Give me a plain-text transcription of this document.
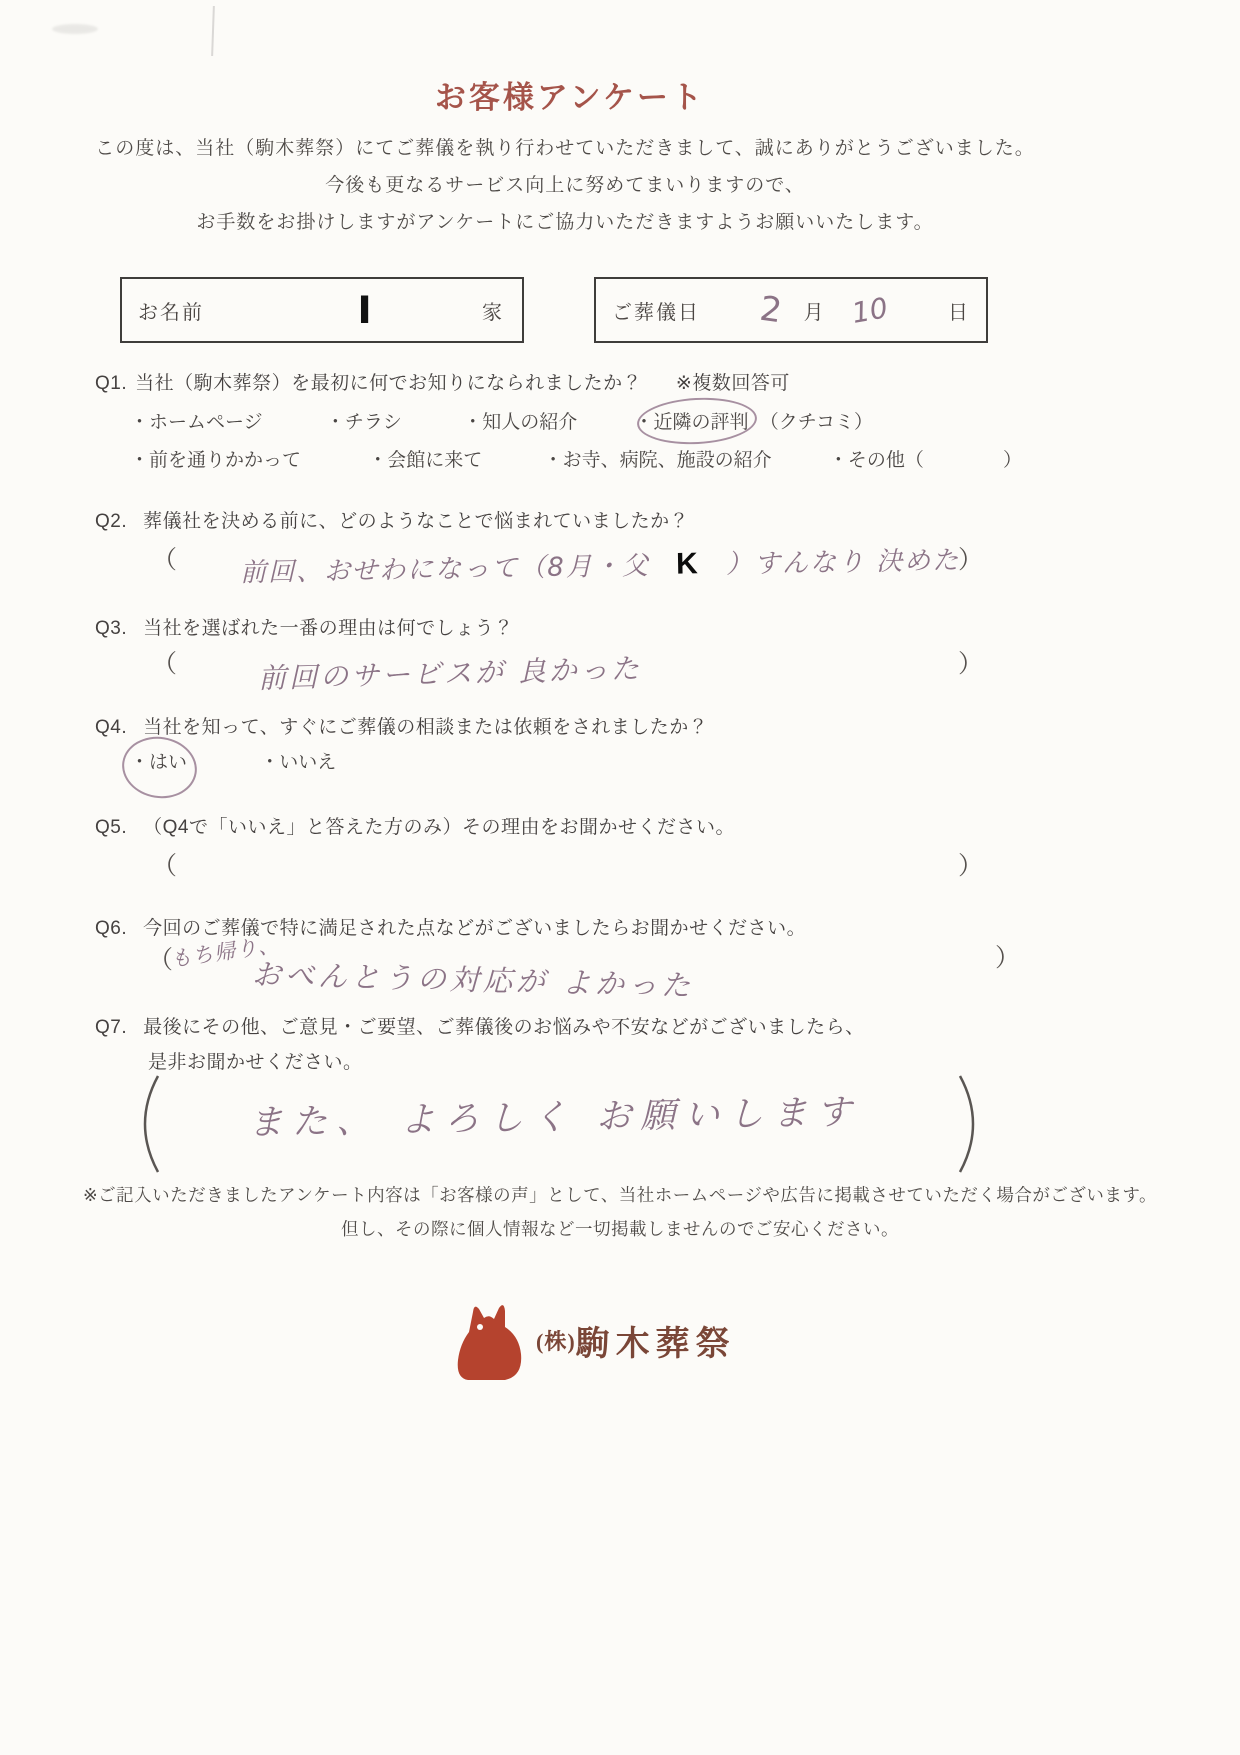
お客様アンケート
この度は、当社（駒木葬祭）にてご葬儀を執り行わせていただきまして、誠にありがとうございました。
今後も更なるサービス向上に努めてまいりますので、
お手数をお掛けしますがアンケートにご協力いただきますようお願いいたします。
お名前	I	家	ご葬儀日 2 月 10	日
Q1. 当社（駒木葬祭）を最初に何でお知りになられましたか？ ※複数回答可
・ホームページ	・チラシ	・知人の紹介	・近隣の評判 （クチコミ）
・前を通りかかって	・会館に来て	・お寺、病院、施設の紹介	・その他（	）
Q2. 葬儀社を決める前に、どのようなことで悩まれていましたか？
（ 前回、おせわになって（8月・父 K ）すんなり 決めた
）
Q3. 当社を選ばれた一番の理由は何でしょう？
（	前回のサービスが 良かった	）
Q4. 当社を知って、すぐにご葬儀の相談または依頼をされましたか？
・はい	・いいえ
Q5. （Q4で「いいえ」と答えた方のみ）その理由をお聞かせください。
（	）
Q6. 今回のご葬儀で特に満足された点などがございましたらお聞かせください。
（
もち帰り、
おべんとうの対応が よかった	）
Q7. 最後にその他、ご意見・ご要望、ご葬儀後のお悩みや不安などがございましたら、
是非お聞かせください。
また、 よろしく お願いします
※ご記入いただきましたアンケート内容は「お客様の声」として、当社ホームページや広告に掲載させていただく場合がございます。
但し、その際に個人情報など一切掲載しませんのでご安心ください。
(株) 駒木葬祭
